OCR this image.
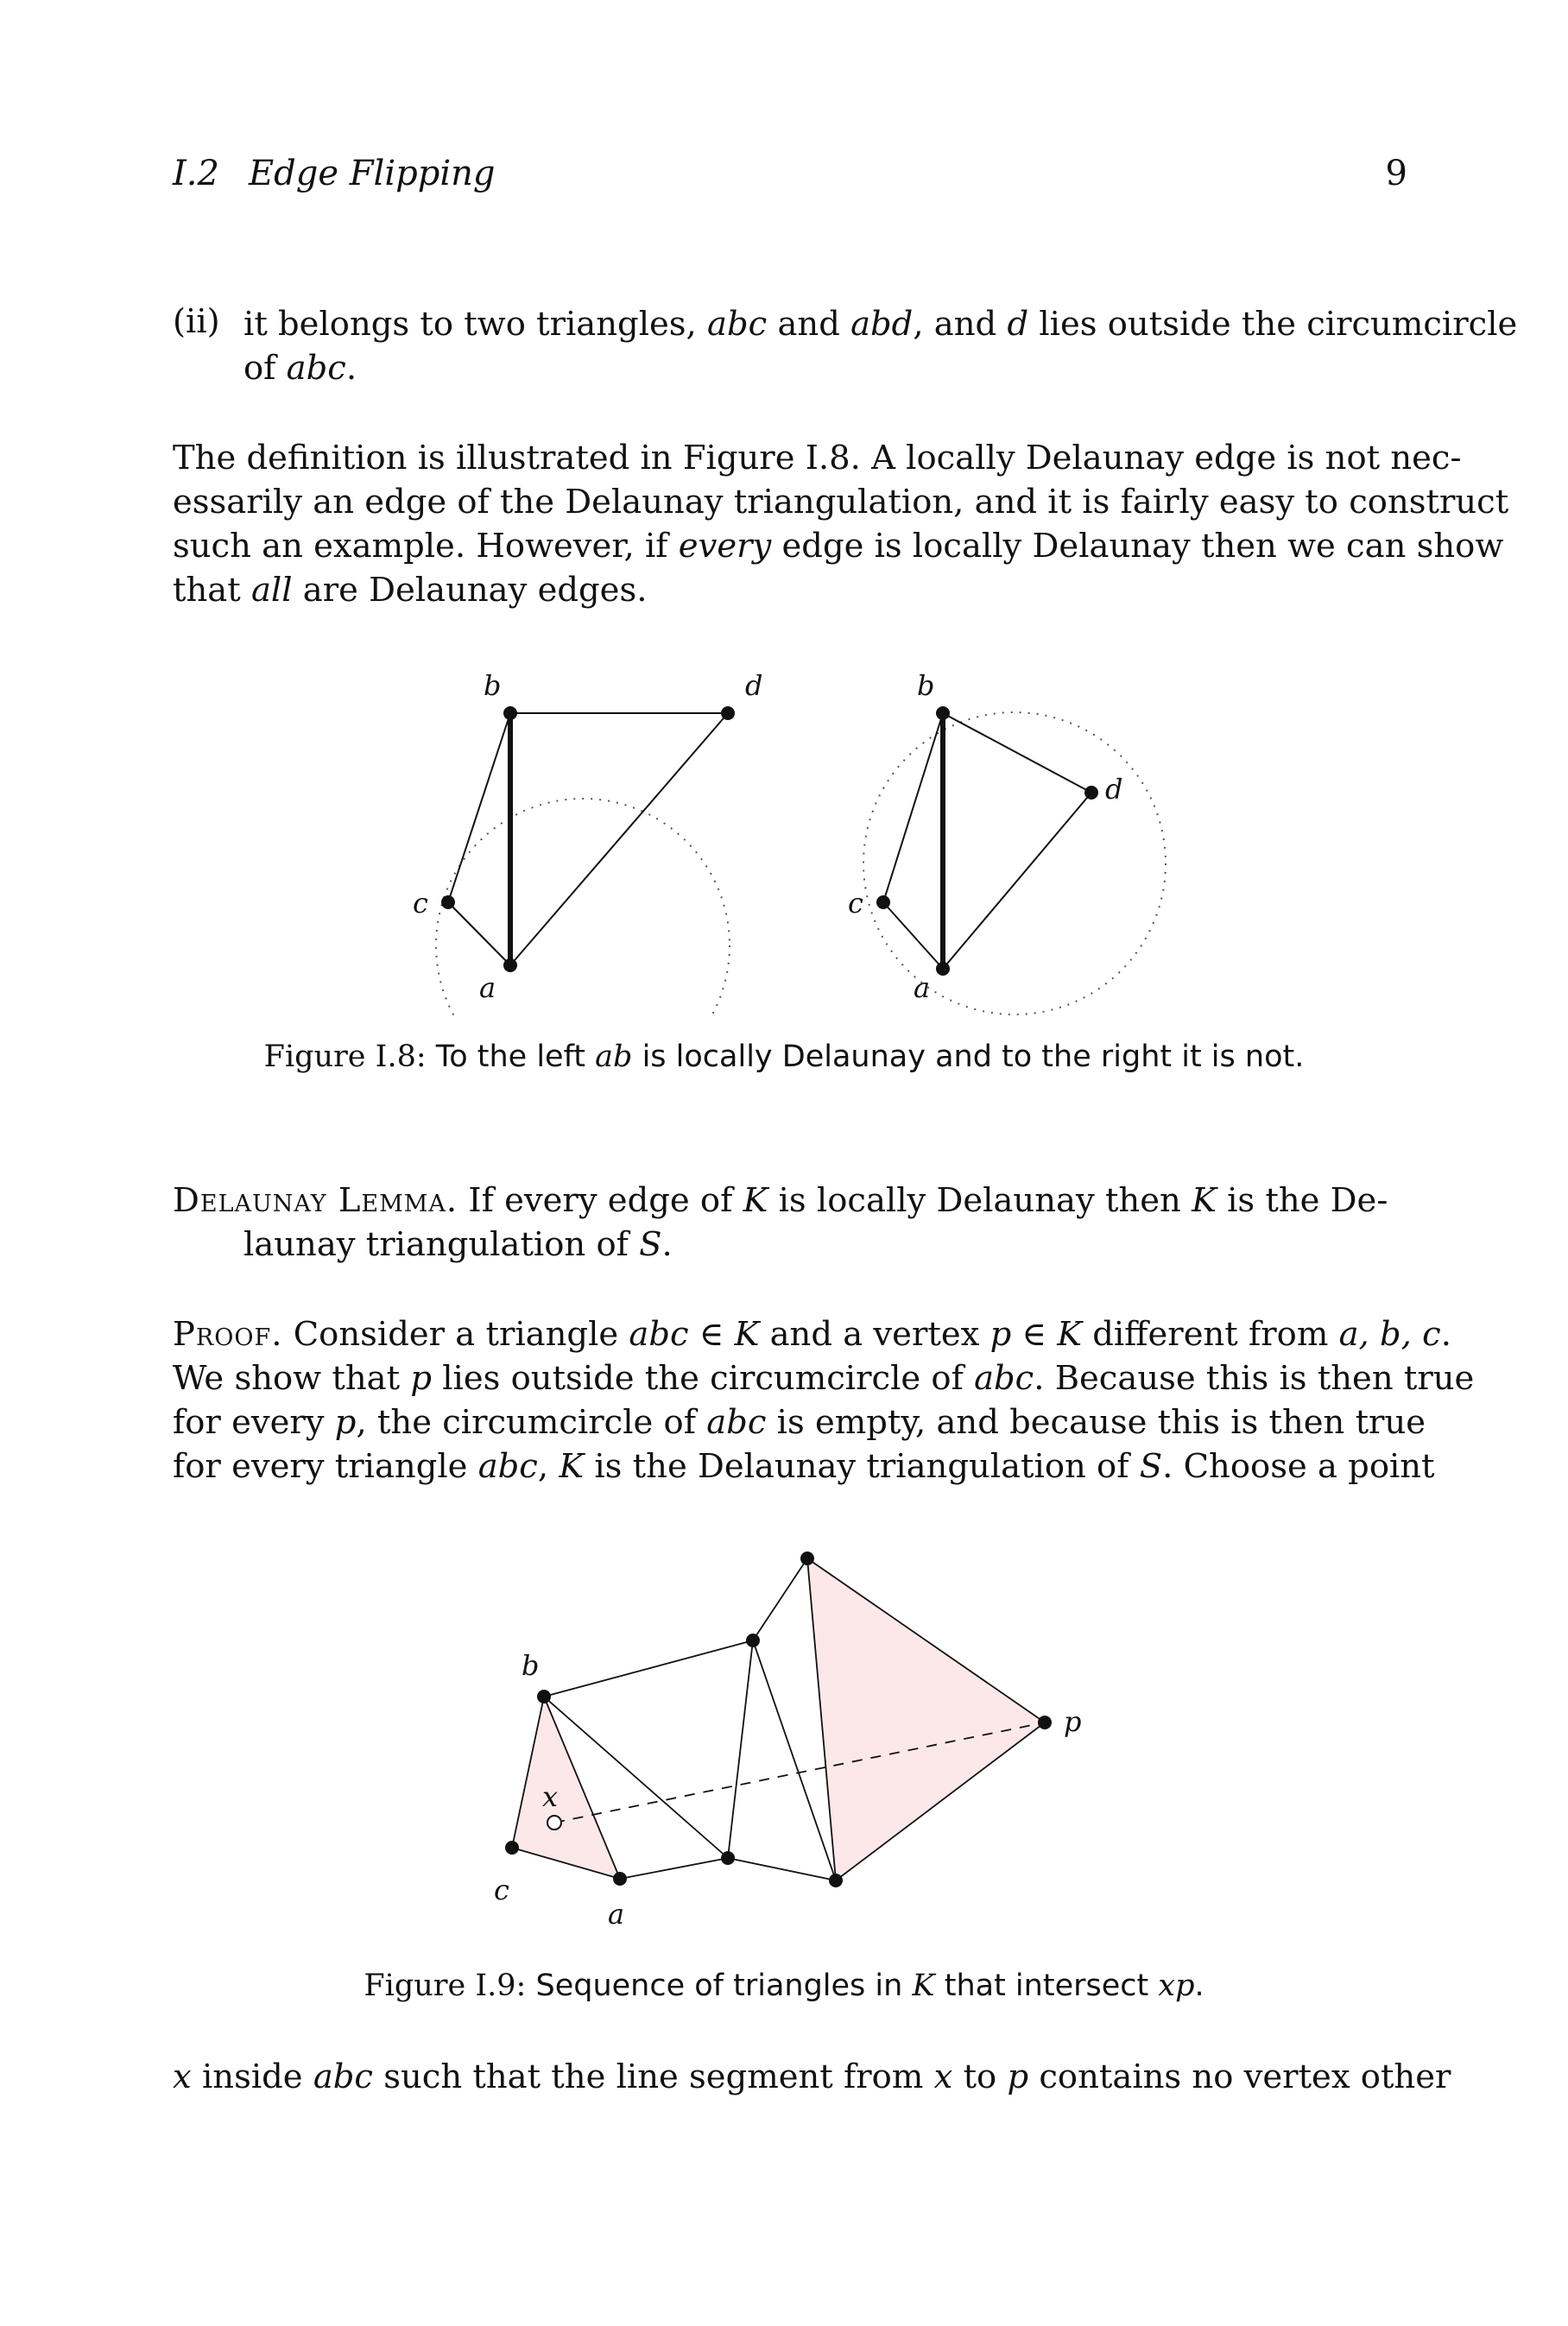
I.2 Edge Flipping	9
(ii) it belongs to two triangles, abc and abd, and d lies outside the circumcircle
of abc.
The definition is illustrated in Figure I.8. A locally Delaunay edge is not nec-
essarily an edge of the Delaunay triangulation, and it is fairly easy to construct
such an example. However, if every edge is locally Delaunay then we can show
that all are Delaunay edges.
b	d
c
a
b
d
c
a
Figure I.8: To the left ab is locally Delaunay and to the right it is not.
Delaunay Lemma. If every edge of K is locally Delaunay then K is the De-
launay triangulation of S.
Proof. Consider a triangle abc ∈ K and a vertex p ∈ K different from a, b, c.
We show that p lies outside the circumcircle of abc. Because this is then true
for every p, the circumcircle of abc is empty, and because this is then true
for every triangle abc, K is the Delaunay triangulation of S. Choose a point
b
x
c
a
p
Figure I.9: Sequence of triangles in K that intersect xp.
x inside abc such that the line segment from x to p contains no vertex other
